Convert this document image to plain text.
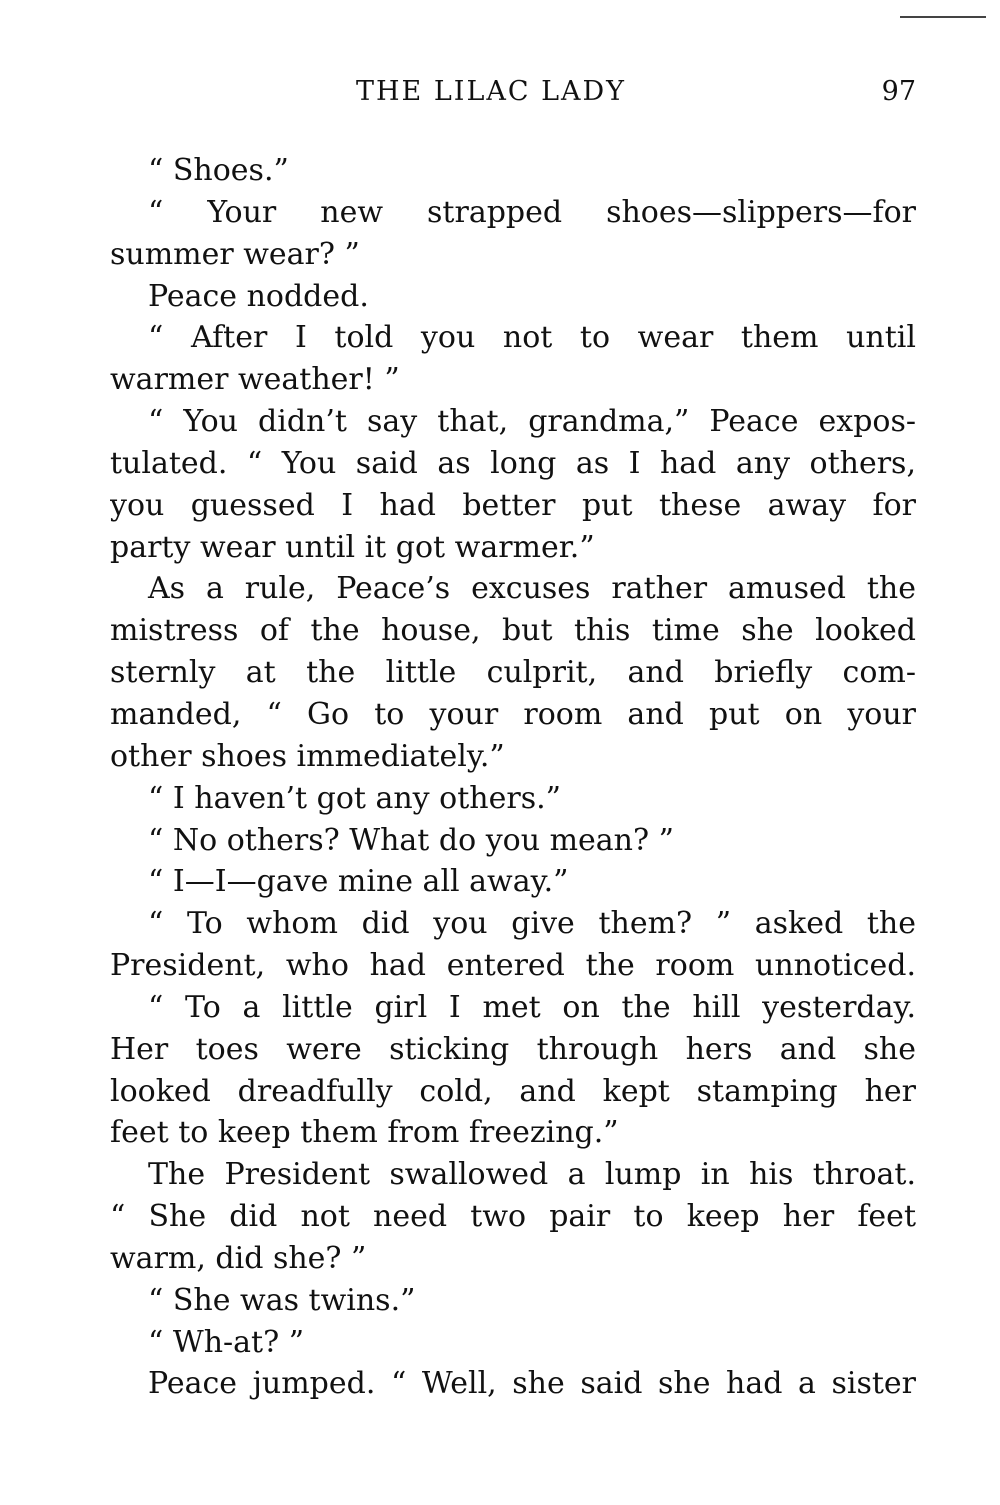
THE LILAC LADY	97
“ Shoes.”
“ Your new strapped shoes—slippers—for
summer wear? ”
Peace nodded.
“ After I told you not to wear them until
warmer weather! ”
“ You didn’t say that, grandma,” Peace expos-
tulated. “ You said as long as I had any others,
you guessed I had better put these away for
party wear until it got warmer.”
As a rule, Peace’s excuses rather amused the
mistress of the house, but this time she looked
sternly at the little culprit, and briefly com-
manded, “ Go to your room and put on your
other shoes immediately.”
“ I haven’t got any others.”
“ No others? What do you mean? ”
“ I—I—gave mine all away.”
“ To whom did you give them? ” asked the
President, who had entered the room unnoticed.
“ To a little girl I met on the hill yesterday.
Her toes were sticking through hers and she
looked dreadfully cold, and kept stamping her
feet to keep them from freezing.”
The President swallowed a lump in his throat.
“ She did not need two pair to keep her feet
warm, did she? ”
“ She was twins.”
“ Wh-at? ”
Peace jumped. “ Well, she said she had a sister
